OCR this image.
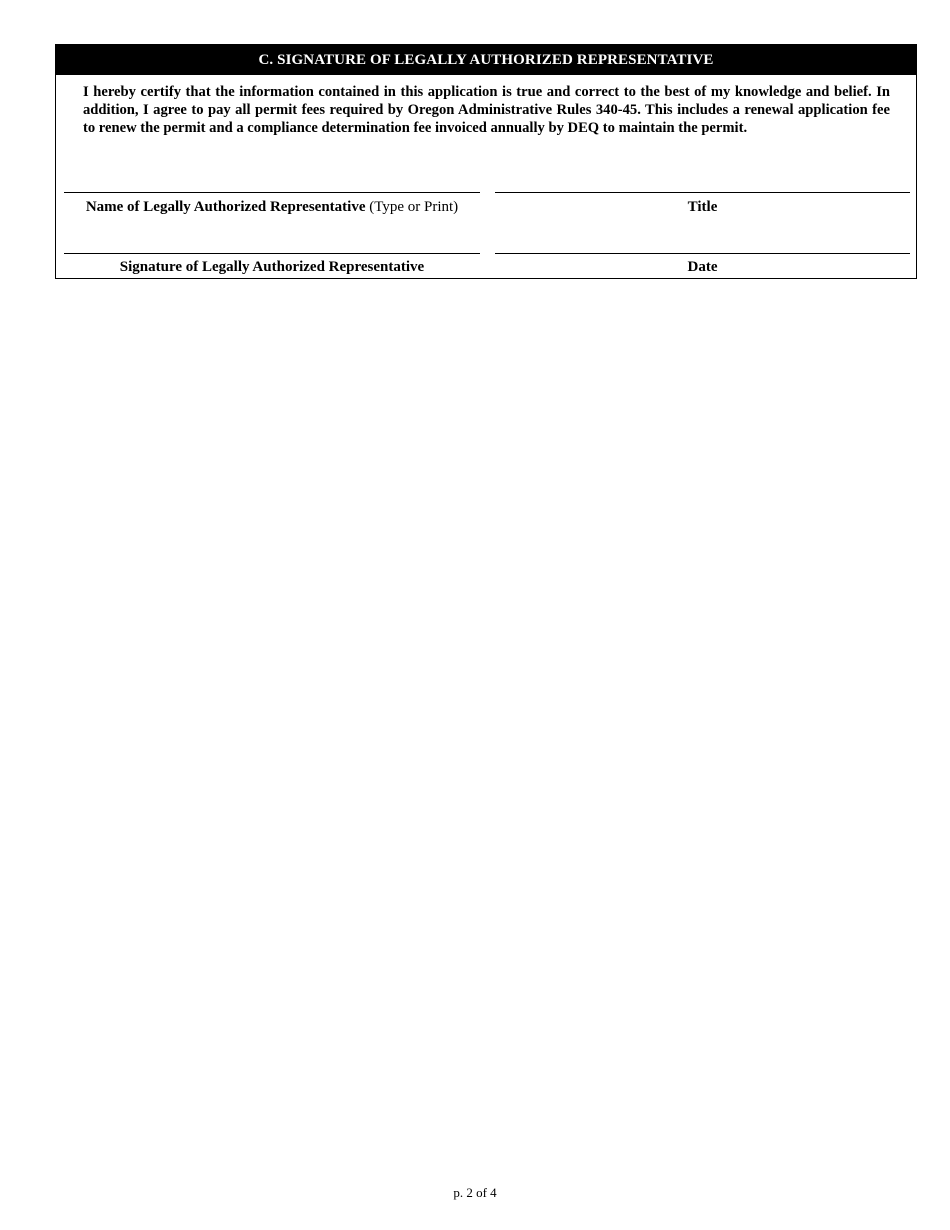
C. SIGNATURE OF LEGALLY AUTHORIZED REPRESENTATIVE
I hereby certify that the information contained in this application is true and correct to the best of my knowledge and belief. In addition, I agree to pay all permit fees required by Oregon Administrative Rules 340-45. This includes a renewal application fee to renew the permit and a compliance determination fee invoiced annually by DEQ to maintain the permit.
Name of Legally Authorized Representative (Type or Print)	Title
Signature of Legally Authorized Representative	Date
p. 2 of 4
